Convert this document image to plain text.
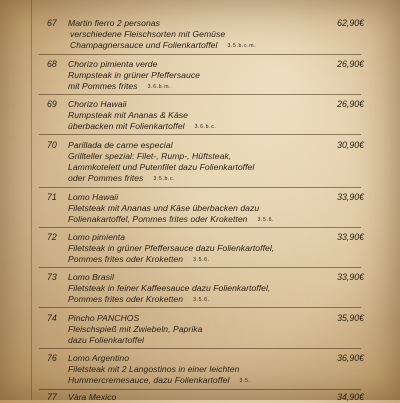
67	Martin fierro 2 personas
verschiedene Fleischsorten mit Gemüse
Champagnersauce und Folienkartoffel 3.5.b.c.m.
62,90€
68	Chorizo pimienta verde
Rumpsteak in grüner Pfeffersauce
mit Pommes frites 3.6.b.m.
26,90€
69	Chorizo Hawaii
Rumpsteak mit Ananas & Käse
überbacken mit Folienkartoffel 3.6.b.c.
26,90€
70	Parillada de carne especial
Grillteller spezial: Filet-, Rump-, Hüftsteak,
Lammkotelett und Putenfilet dazu Folienkartoffel
oder Pommes frites 3.5.b.c.
30,90€
71	Lomo Hawaii
Filetsteak mit Ananas und Käse überbacken dazu
Folienakartoffel, Pommes frites oder Kroketten 3.5.6.
33,90€
72	Lomo pimienta
Filetsteak in grüner Pfeffersauce dazu Folienkartoffel,
Pommes frites oder Kroketten 3.5.6.
33,90€
73	Lomo Brasil
Filetsteak in feiner Kaffeesauce dazu Folienkartoffel,
Pommes frites oder Kroketten 3.5.6.
33,90€
74	Pincho PANCHOS
Fleischspieß mit Zwiebeln, Paprika
dazu Folienkartoffel
35,90€
76	Lomo Argentino
Filetsteak mit 2 Langostinos in einer leichten
Hummercremesauce, dazu Folienkartoffel 3.5.
36,90€
77	Vàra Mexico	34,90€
